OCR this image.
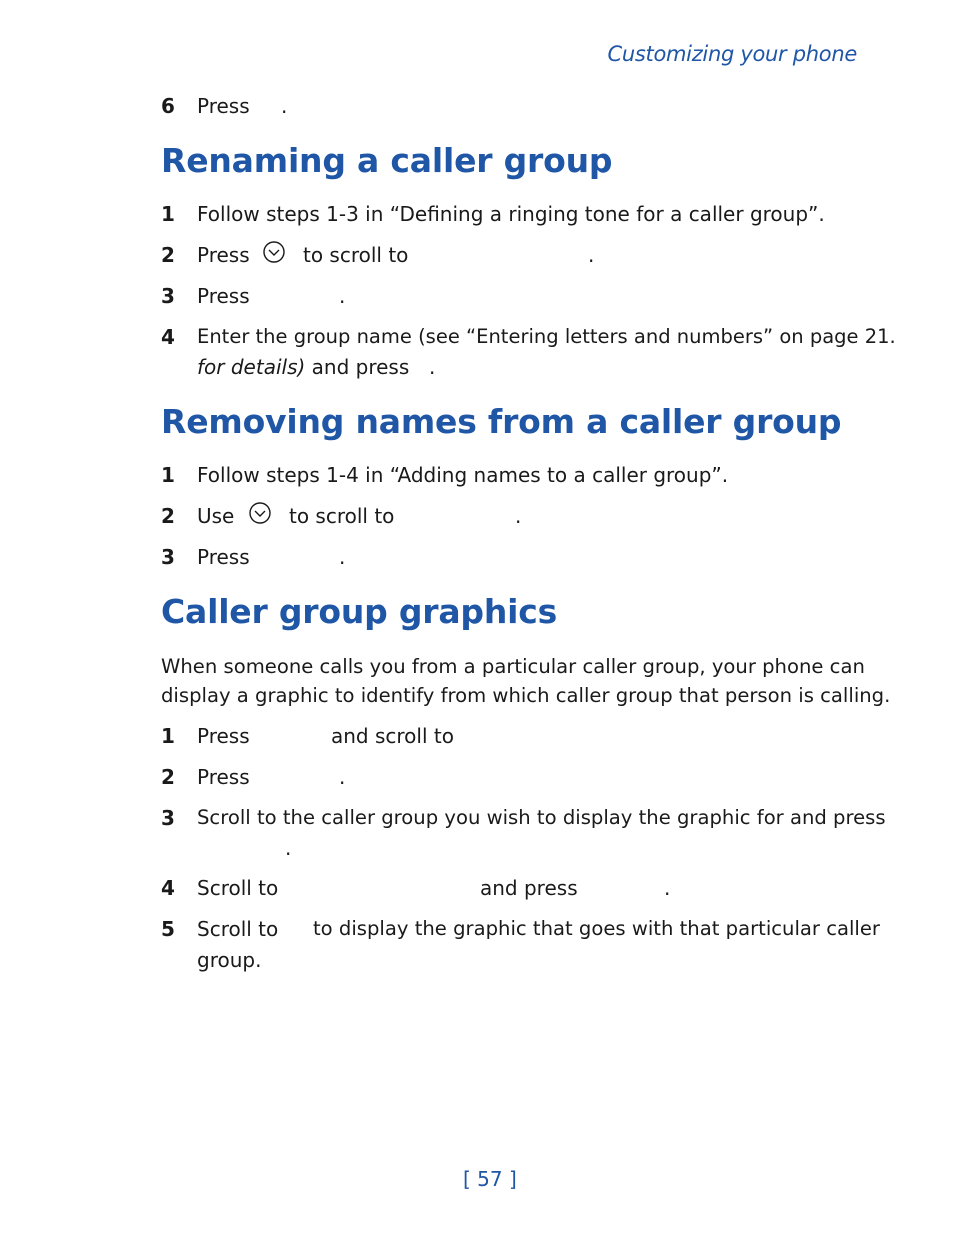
Customizing your phone
6	Press .
Renaming a caller group
1	Follow steps 1-3 in “Defining a ringing tone for a caller group”.
2	Press	to scroll to	.
3	Press	.
4	Enter the group name (see “Entering letters and numbers” on page 21.
for details) and press .
Removing names from a caller group
1	Follow steps 1-4 in “Adding names to a caller group”.
2	Use	to scroll to	.
3	Press	.
Caller group graphics
When someone calls you from a particular caller group, your phone can
display a graphic to identify from which caller group that person is calling.
1	Press	and scroll to
2	Press	.
3	Scroll to the caller group you wish to display the graphic for and press
.
4	Scroll to	and press	.
5	Scroll to to display the graphic that goes with that particular caller
group.
[ 57 ]
